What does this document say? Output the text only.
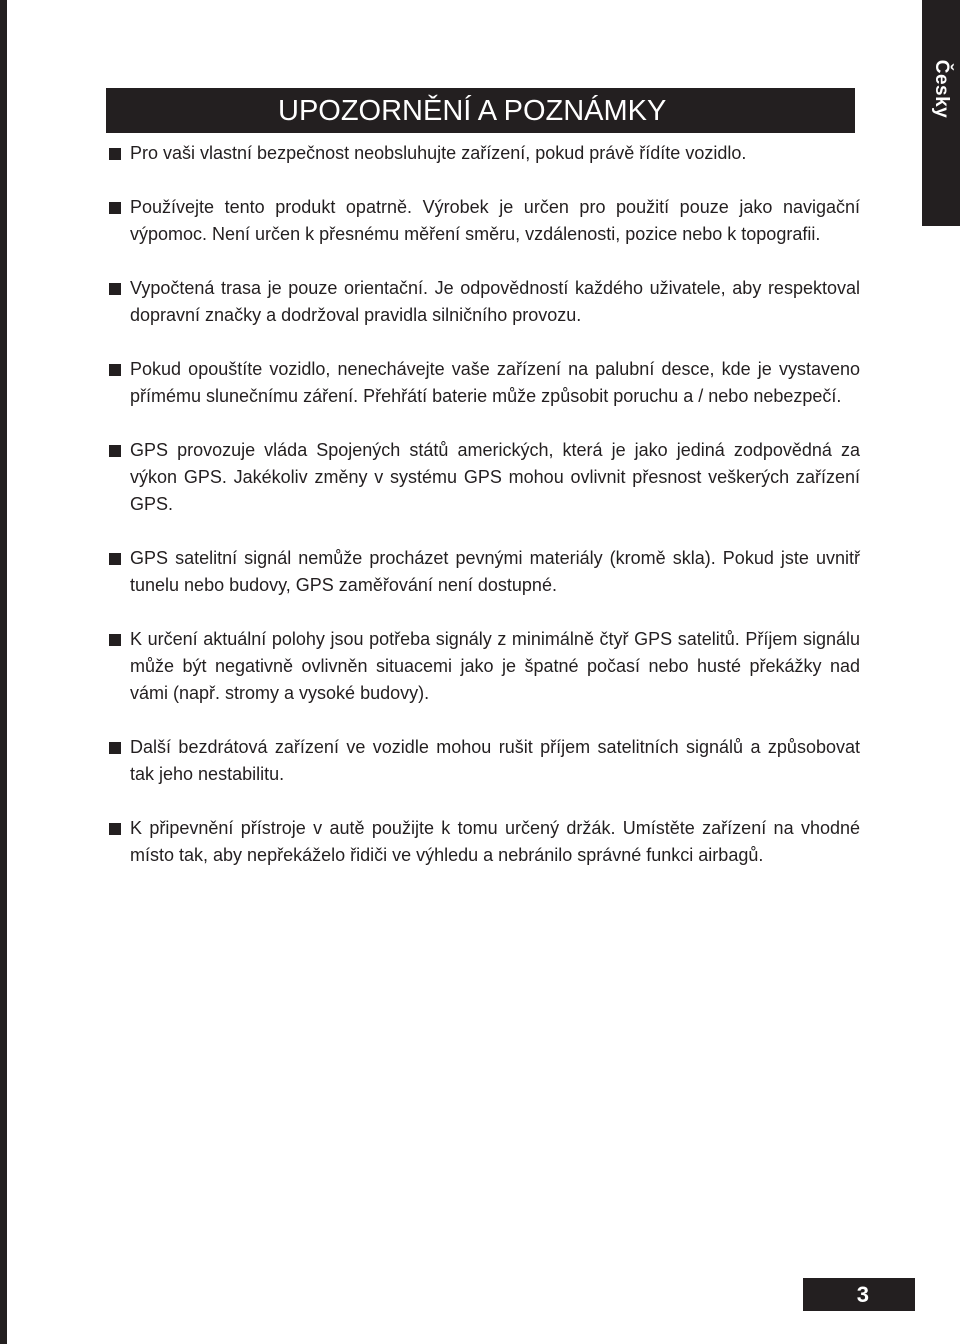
Česky
UPOZORNĚNÍ A POZNÁMKY
Pro vaši vlastní bezpečnost neobsluhujte zařízení, pokud právě řídíte vozidlo.
Používejte tento produkt opatrně. Výrobek je určen pro použití pouze jako navigační výpomoc. Není určen k přesnému měření směru, vzdálenosti, pozice nebo k topografii.
Vypočtená trasa je pouze orientační. Je odpovědností každého uživatele, aby respektoval dopravní značky a dodržoval pravidla silničního provozu.
Pokud opouštíte vozidlo, nenechávejte vaše zařízení na palubní desce, kde je vystaveno přímému slunečnímu záření. Přehřátí baterie může způsobit poruchu a / nebo nebezpečí.
GPS provozuje vláda Spojených států amerických, která je jako jediná zodpovědná za výkon GPS. Jakékoliv změny v systému GPS mohou ovlivnit přesnost veškerých zařízení GPS.
GPS satelitní signál nemůže procházet pevnými materiály (kromě skla). Pokud jste uvnitř tunelu nebo budovy, GPS zaměřování není dostupné.
K určení aktuální polohy jsou potřeba signály z minimálně čtyř GPS satelitů. Příjem signálu může být negativně ovlivněn situacemi jako je špatné počasí nebo husté překážky nad vámi (např. stromy a vysoké budovy).
Další bezdrátová zařízení ve vozidle mohou rušit příjem satelitních signálů a způsobovat tak jeho nestabilitu.
K připevnění přístroje v autě použijte k tomu určený držák. Umístěte zařízení na vhodné místo tak, aby nepřekáželo řidiči ve výhledu a nebránilo správné funkci airbagů.
3
